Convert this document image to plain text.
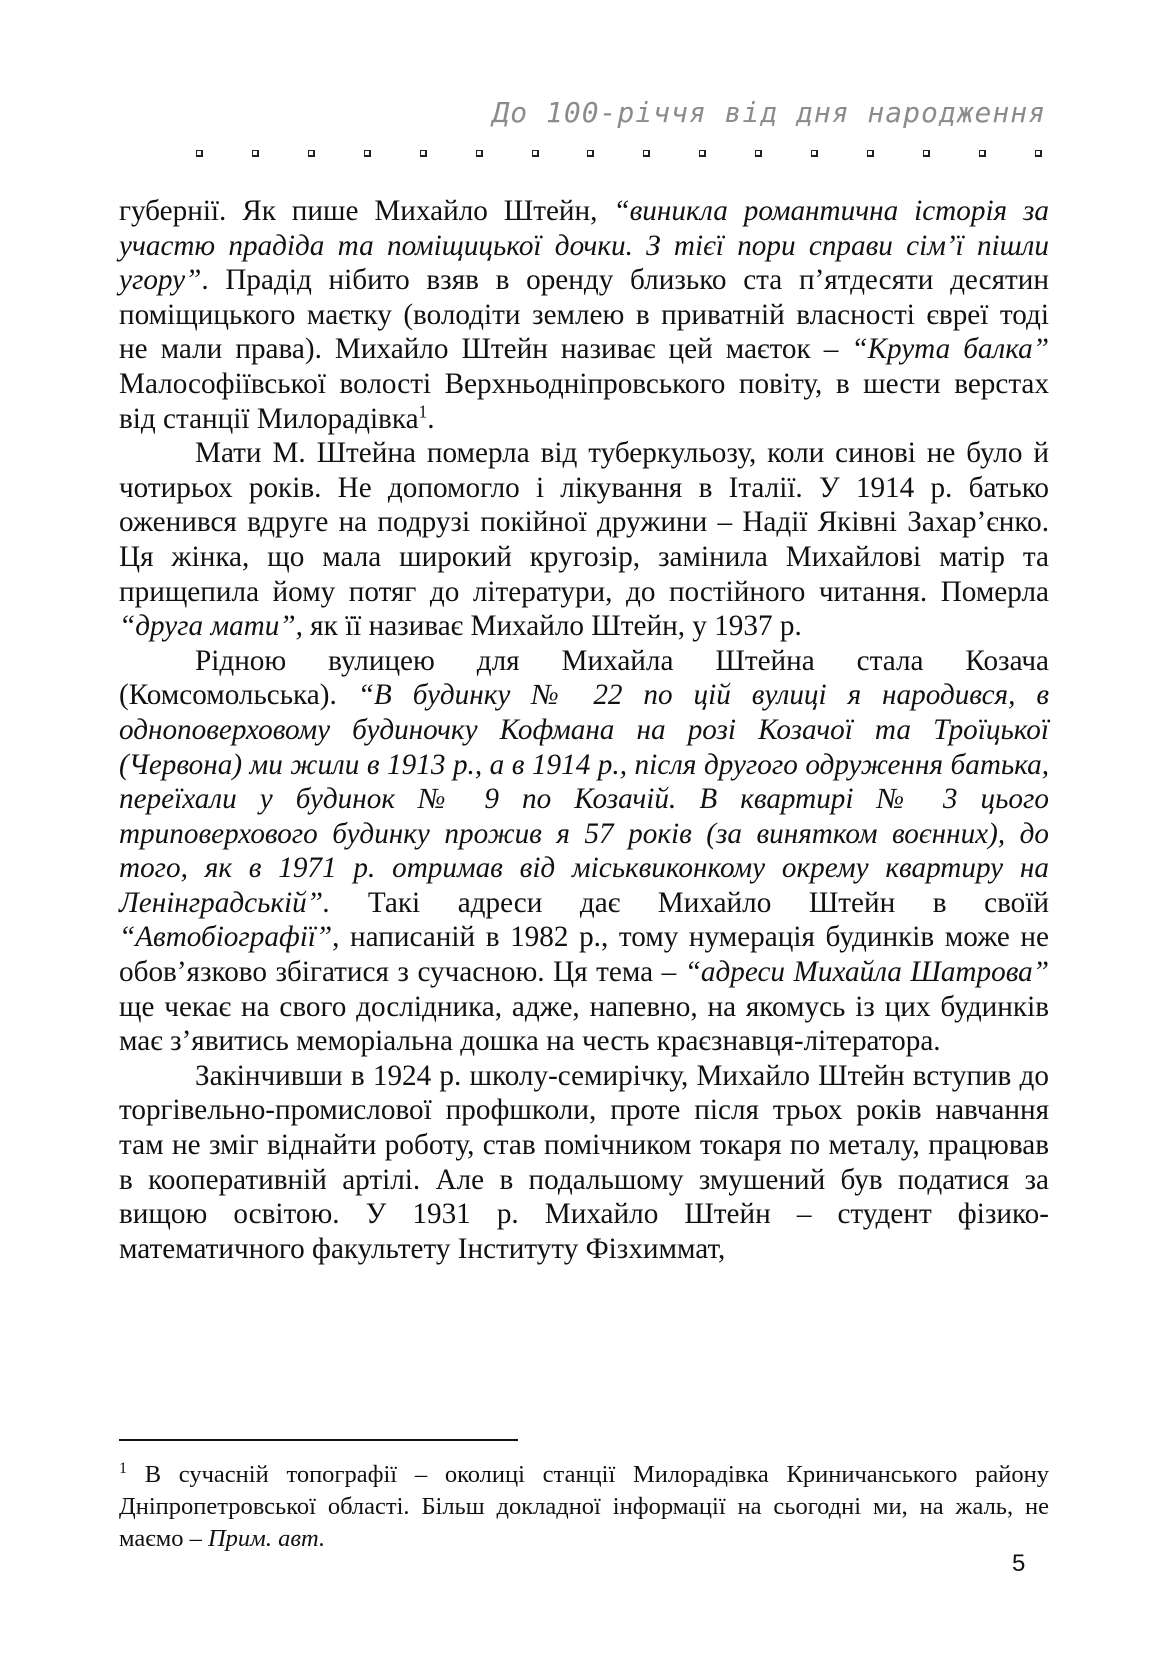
До 100-річчя від дня народження

губернії. Як пише Михайло Штейн, “виникла романтична історія за участю прадіда та поміщицької дочки. З тієї пори справи сім’ї пішли угору”. Прадід нібито взяв в оренду близько ста п’ятдесяти десятин поміщицького маєтку (володіти землею в приватній власності євреї тоді не мали права). Михайло Штейн називає цей маєток – “Крута балка” Малософіївської волості Верхньодніпровського повіту, в шести верстах від станції Милорадівка$^1$.

Мати М. Штейна померла від туберкульозу, коли синові не було й чотирьох років. Не допомогло і лікування в Італії. У 1914 р. батько оженився вдруге на подрузі покійної дружини – Надії Яківні Захар’єнко. Ця жінка, що мала широкий кругозір, замінила Михайлові матір та прищепила йому потяг до літератури, до постійного читання. Померла “друга мати”, як її називає Михайло Штейн, у 1937 р.

Рідною вулицею для Михайла Штейна стала Козача (Комсомольська). “В будинку № 22 по цій вулиці я народився, в одноповерховому будиночку Кофмана на розі Козачої та Троїцької (Червона) ми жили в 1913 р., а в 1914 р., після другого одруження батька, переїхали у будинок № 9 по Козачій. В квартирі № 3 цього триповерхового будинку прожив я 57 років (за винятком воєнних), до того, як в 1971 р. отримав від міськвиконкому окрему квартиру на Ленінградській”. Такі адреси дає Михайло Штейн в своїй “Автобіографії”, написаній в 1982 р., тому нумерація будинків може не обов’язково збігатися з сучасною. Ця тема – “адреси Михайла Шатрова” ще чекає на свого дослідника, адже, напевно, на якомусь із цих будинків має з’явитись меморіальна дошка на честь краєзнавця-літератора.

Закінчивши в 1924 р. школу-семирічку, Михайло Штейн вступив до торгівельно-промислової профшколи, проте після трьох років навчання там не зміг віднайти роботу, став помічником токаря по металу, працював в кооперативній артілі. Але в подальшому змушений був податися за вищою освітою. У 1931 р. Михайло Штейн – студент фізико-математичного факультету Інституту Фізхиммат,

$^1$ В сучасній топографії – околиці станції Милорадівка Криничанського району Дніпропетровської області. Більш докладної інформації на сьогодні ми, на жаль, не маємо – Прим. авт.
5
